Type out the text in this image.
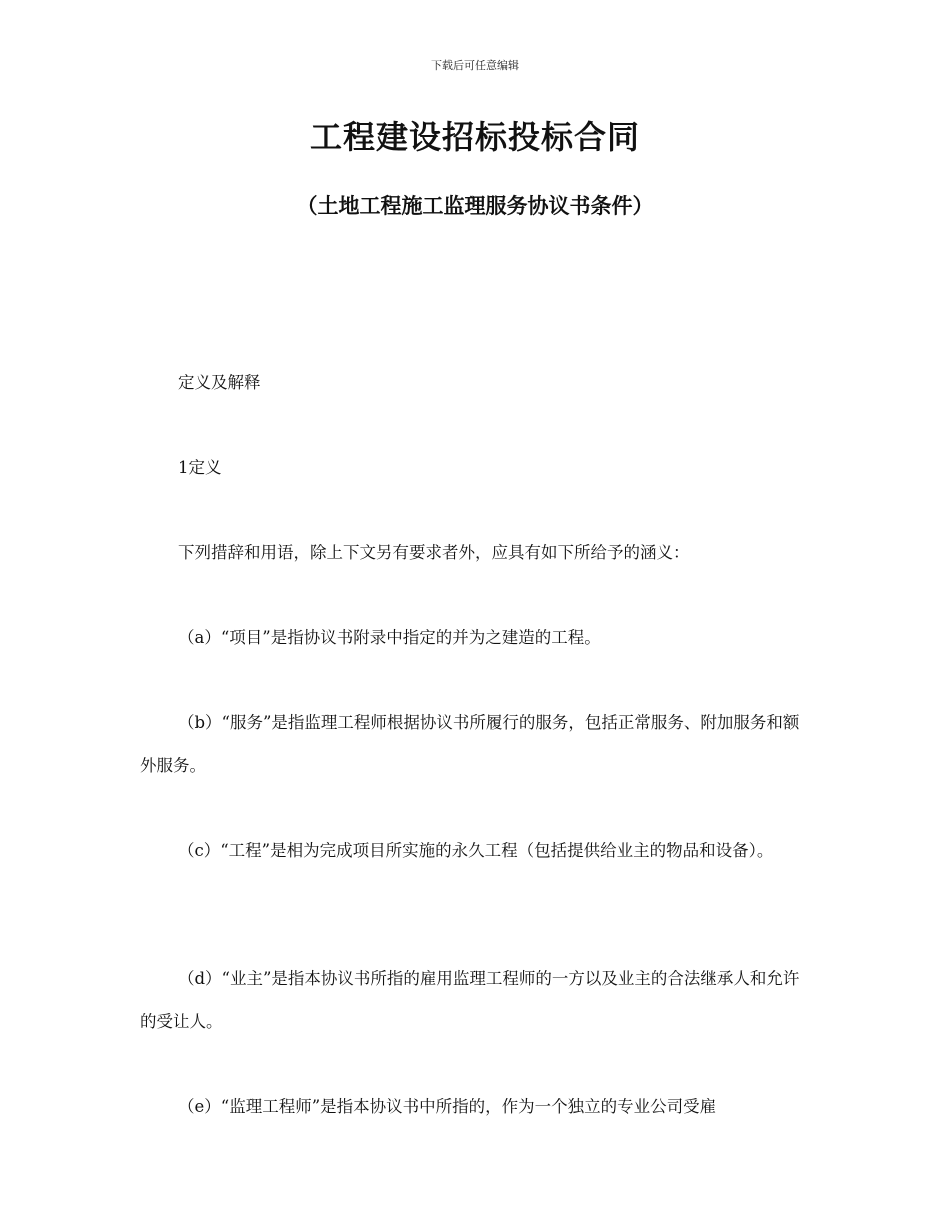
下载后可任意编辑
工程建设招标投标合同
（土地工程施工监理服务协议书条件）

定义及解释

1定义

下列措辞和用语，除上下文另有要求者外，应具有如下所给予的涵义：

（a）“项目”是指协议书附录中指定的并为之建造的工程。

（b）“服务”是指监理工程师根据协议书所履行的服务，包括正常服务、附加服务和额外服务。

（c）“工程”是相为完成项目所实施的永久工程（包括提供给业主的物品和设备）。

（d）“业主”是指本协议书所指的雇用监理工程师的一方以及业主的合法继承人和允许的受让人。

（e）“监理工程师”是指本协议书中所指的，作为一个独立的专业公司受雇
